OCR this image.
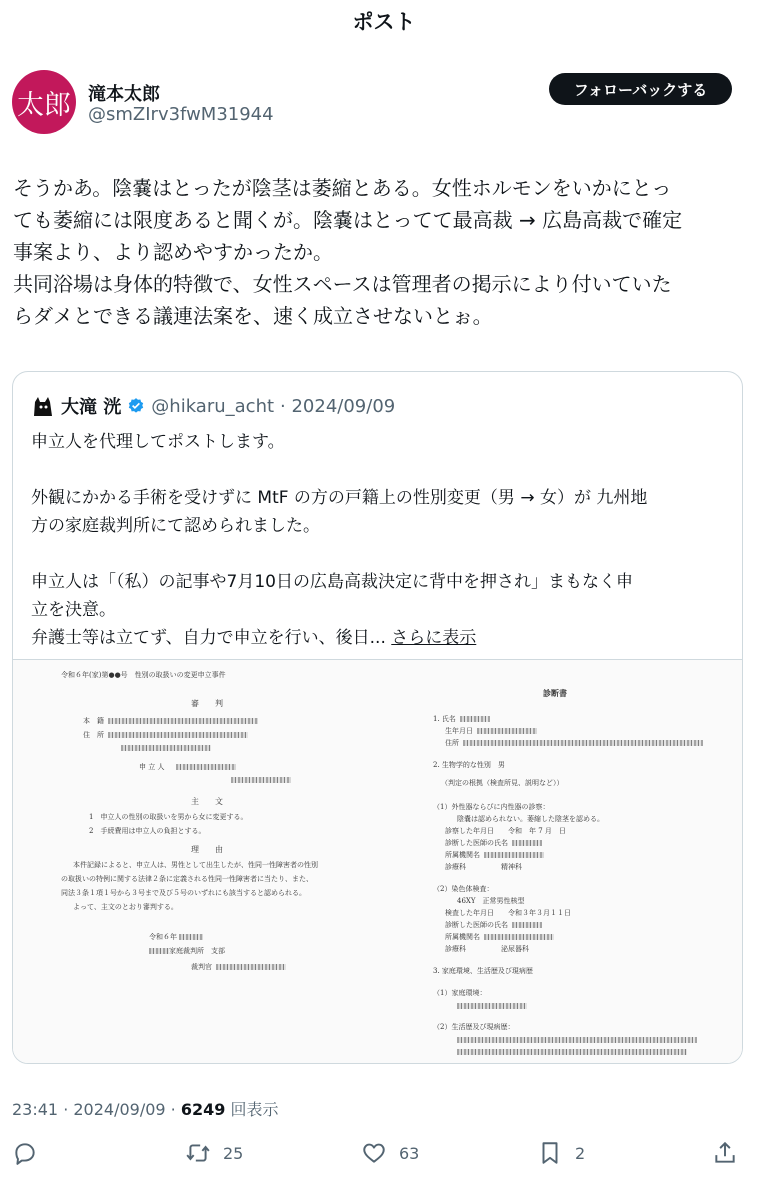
ポスト
太郎 滝本太郎
@smZIrv3fwM31944
フォローバックする

そうかあ。陰嚢はとったが陰茎は萎縮とある。女性ホルモンをいかにとっ

ても萎縮には限度あると聞くが。陰嚢はとってて最高裁 → 広島高裁で確定

事案より、より認めやすかったか。

共同浴場は身体的特徴で、女性スペースは管理者の掲示により付いていた

らダメとできる議連法案を、速く成立させないとぉ。

大滝 洸 @hikaru_acht · 2024/09/09

申立人を代理してポストします。

外観にかかる手術を受けずに MtF の方の戸籍上の性別変更（男 → 女）が 九州地

方の家庭裁判所にて認められました。

申立人は「（私）の記事や7月10日の広島高裁決定に背中を押され」まもなく申

立を決意。

弁護士等は立てず、自力で申立を行い、後日... さらに表示

令和６年(家)第●●号　性別の取扱いの変更申立事件
審　　判
本　籍
住　所
申 立 人
主　　文
1　申立人の性別の取扱いを男から女に変更する。
2　手続費用は申立人の負担とする。
理　　由
本件記録によると、申立人は、男性として出生したが、性同一性障害者の性別
の取扱いの特例に関する法律２条に定義される性同一性障害者に当たり、また、
同法３条１項１号から３号まで及び５号のいずれにも該当すると認められる。
よって、主文のとおり審判する。
令和６年
家庭裁判所　支部
裁判官
診断書
1. 氏名
生年月日
住所
2. 生物学的な性別　男
（判定の根拠（検査所見、説明など））
（1）外性器ならびに内性器の診察：
陰嚢は認められない。萎縮した陰茎を認める。
診察した年月日　　令和　年 7 月　日
診断した医師の氏名
所属機関名
診療科　　　　　精神科
（2）染色体検査：
46XY　正常男性核型
検査した年月日　　令和３年３月１１日
診断した医師の氏名
所属機関名
診療科　　　　　泌尿器科
3. 家庭環境、生活歴及び現病歴
（1）家庭環境：
（2）生活歴及び現病歴：
23:41 · 2024/09/09 · 6249 回表示
25	63	2
